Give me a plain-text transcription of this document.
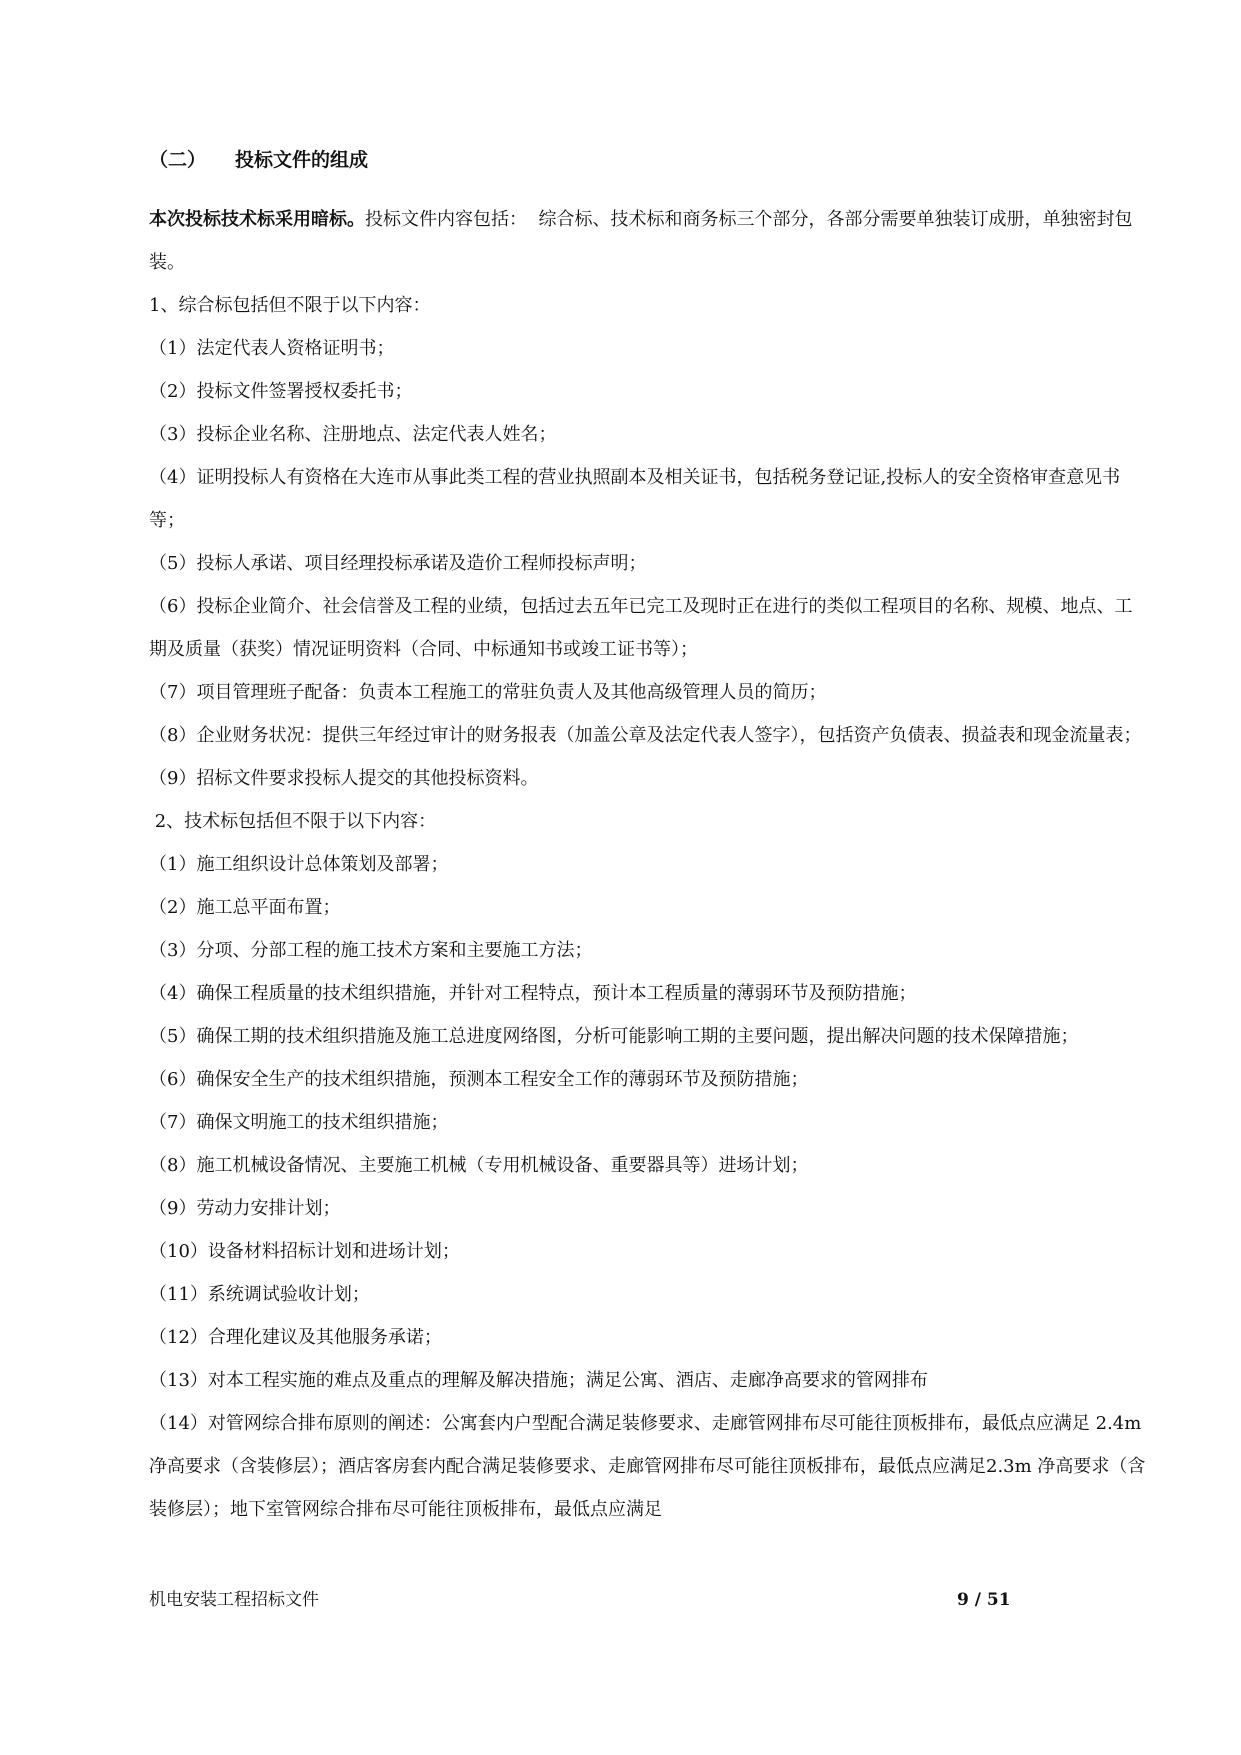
（二） 投标文件的组成

本次投标技术标采用暗标。投标文件内容包括：  综合标、技术标和商务标三个部分，各部分需要单独装订成册，单独密封包装。

1、综合标包括但不限于以下内容：

（1）法定代表人资格证明书；

（2）投标文件签署授权委托书；

（3）投标企业名称、注册地点、法定代表人姓名；

（4）证明投标人有资格在大连市从事此类工程的营业执照副本及相关证书，包括税务登记证,投标人的安全资格审查意见书等；

（5）投标人承诺、项目经理投标承诺及造价工程师投标声明；

（6）投标企业简介、社会信誉及工程的业绩，包括过去五年已完工及现时正在进行的类似工程项目的名称、规模、地点、工期及质量（获奖）情况证明资料（合同、中标通知书或竣工证书等）；

（7）项目管理班子配备：负责本工程施工的常驻负责人及其他高级管理人员的简历；

（8）企业财务状况：提供三年经过审计的财务报表（加盖公章及法定代表人签字），包括资产负债表、损益表和现金流量表；

（9）招标文件要求投标人提交的其他投标资料。

2、技术标包括但不限于以下内容：

（1）施工组织设计总体策划及部署；

（2）施工总平面布置；

（3）分项、分部工程的施工技术方案和主要施工方法；

（4）确保工程质量的技术组织措施，并针对工程特点，预计本工程质量的薄弱环节及预防措施；

（5）确保工期的技术组织措施及施工总进度网络图，分析可能影响工期的主要问题，提出解决问题的技术保障措施；

（6）确保安全生产的技术组织措施，预测本工程安全工作的薄弱环节及预防措施；

（7）确保文明施工的技术组织措施；

（8）施工机械设备情况、主要施工机械（专用机械设备、重要器具等）进场计划；

（9）劳动力安排计划；

（10）设备材料招标计划和进场计划；

（11）系统调试验收计划；

（12）合理化建议及其他服务承诺；

（13）对本工程实施的难点及重点的理解及解决措施；满足公寓、酒店、走廊净高要求的管网排布

（14）对管网综合排布原则的阐述：公寓套内户型配合满足装修要求、走廊管网排布尽可能往顶板排布，最低点应满足 2.4m 净高要求（含装修层）；酒店客房套内配合满足装修要求、走廊管网排布尽可能往顶板排布，最低点应满足2.3m 净高要求（含装修层）；地下室管网综合排布尽可能往顶板排布，最低点应满足

机电安装工程招标文件	9 / 51
